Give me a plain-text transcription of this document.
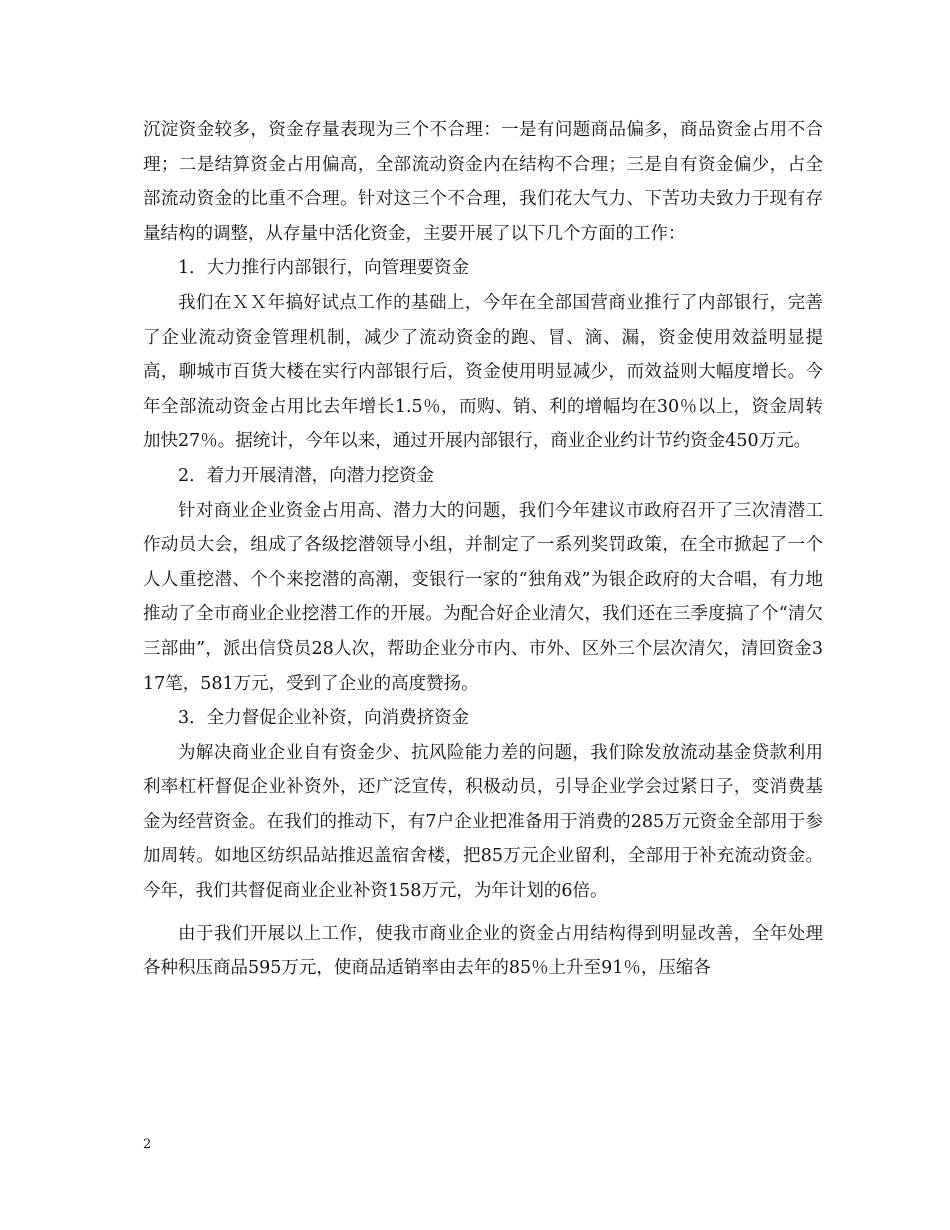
沉淀资金较多，资金存量表现为三个不合理：一是有问题商品偏多，商品资金占用不合理；二是结算资金占用偏高，全部流动资金内在结构不合理；三是自有资金偏少，占全部流动资金的比重不合理。针对这三个不合理，我们花大气力、下苦功夫致力于现有存量结构的调整，从存量中活化资金，主要开展了以下几个方面的工作：

1．大力推行内部银行，向管理要资金

我们在ＸＸ年搞好试点工作的基础上，今年在全部国营商业推行了内部银行，完善了企业流动资金管理机制，减少了流动资金的跑、冒、滴、漏，资金使用效益明显提高，聊城市百货大楼在实行内部银行后，资金使用明显减少，而效益则大幅度增长。今年全部流动资金占用比去年增长1.5％，而购、销、利的增幅均在30％以上，资金周转加快27％。据统计，今年以来，通过开展内部银行，商业企业约计节约资金450万元。

2．着力开展清潜，向潜力挖资金

针对商业企业资金占用高、潜力大的问题，我们今年建议市政府召开了三次清潜工作动员大会，组成了各级挖潜领导小组，并制定了一系列奖罚政策，在全市掀起了一个人人重挖潜、个个来挖潜的高潮，变银行一家的“独角戏”为银企政府的大合唱，有力地推动了全市商业企业挖潜工作的开展。为配合好企业清欠，我们还在三季度搞了个“清欠三部曲”，派出信贷员28人次，帮助企业分市内、市外、区外三个层次清欠，清回资金317笔，581万元，受到了企业的高度赞扬。

3．全力督促企业补资，向消费挤资金

为解决商业企业自有资金少、抗风险能力差的问题，我们除发放流动基金贷款利用利率杠杆督促企业补资外，还广泛宣传，积极动员，引导企业学会过紧日子，变消费基金为经营资金。在我们的推动下，有7户企业把准备用于消费的285万元资金全部用于参加周转。如地区纺织品站推迟盖宿舍楼，把85万元企业留利，全部用于补充流动资金。今年，我们共督促商业企业补资158万元，为年计划的6倍。

由于我们开展以上工作，使我市商业企业的资金占用结构得到明显改善，全年处理各种积压商品595万元，使商品适销率由去年的85％上升至91％，压缩各

2
